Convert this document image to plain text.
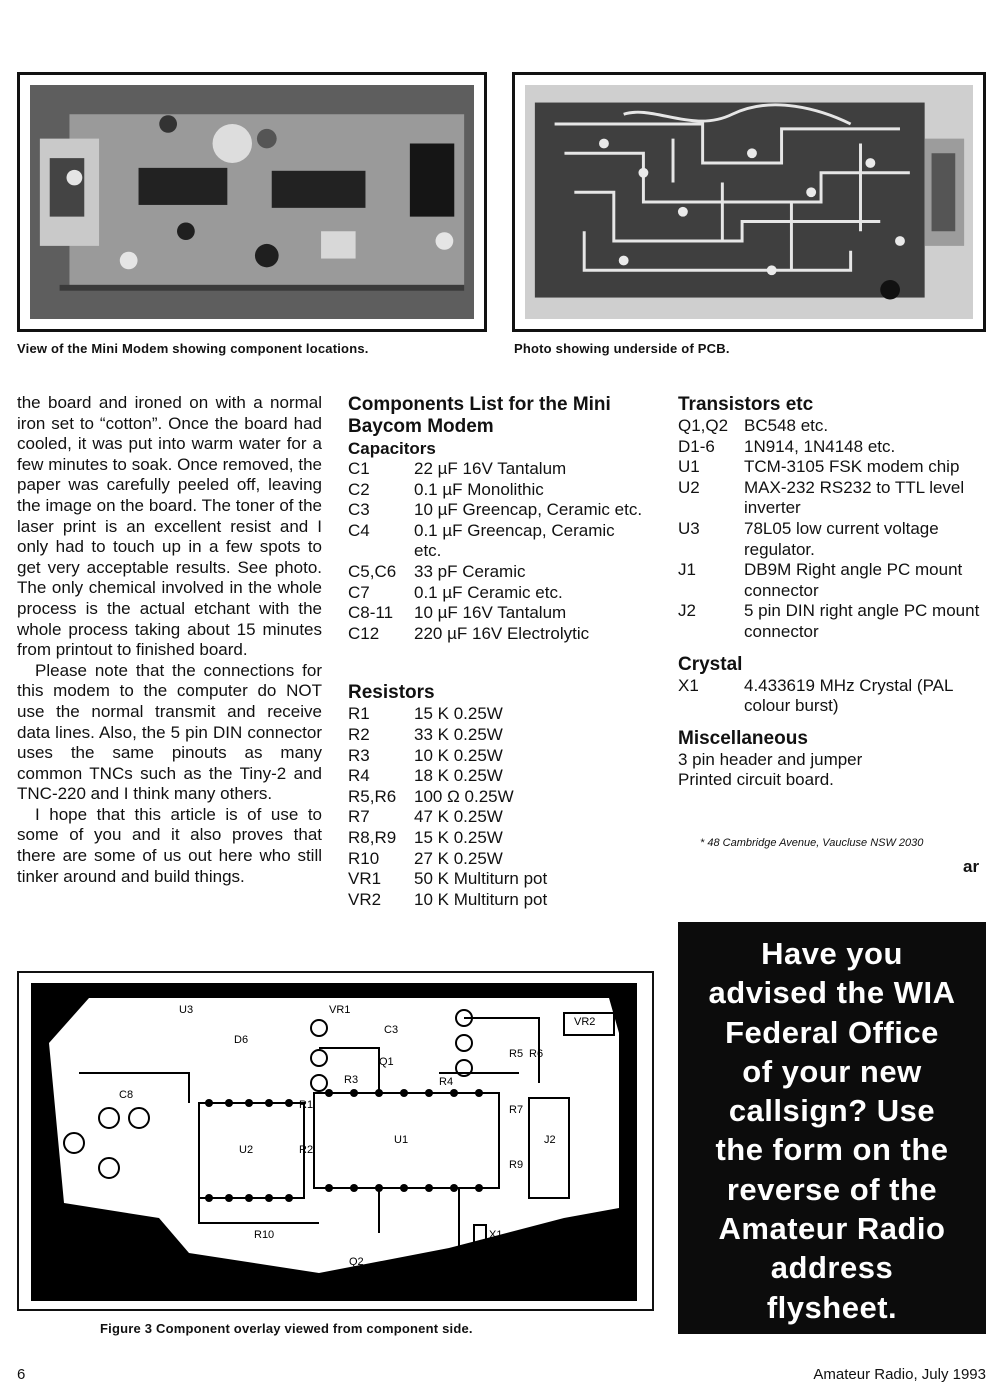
View of the Mini Modem showing component locations.	Photo showing underside of PCB.

the board and ironed on with a normal iron set to “cotton”. Once the board had cooled, it was put into warm water for a few minutes to soak. Once removed, the paper was carefully peeled off, leaving the image on the board. The toner of the laser print is an excellent resist and I only had to touch up in a few spots to get very acceptable results. See photo. The only chemical involved in the whole process is the actual etchant with the whole process taking about 15 minutes from printout to finished board.

Please note that the connections for this modem to the computer do NOT use the normal transmit and receive data lines. Also, the 5 pin DIN connector uses the same pinouts as many common TNCs such as the Tiny-2 and TNC-220 and I think many others.

I hope that this article is of use to some of you and it also proves that there are some of us out here who still tinker around and build things.

Components List for the Mini Baycom Modem
Capacitors
C1	22 µF 16V Tantalum
C2	0.1 µF Monolithic
C3	10 µF Greencap, Ceramic etc.
C4	0.1 µF Greencap, Ceramic etc.
C5,C6	33 pF Ceramic
C7	0.1 µF Ceramic etc.
C8-11	10 µF 16V Tantalum
C12	220 µF 16V Electrolytic
Resistors
R1	15 K 0.25W
R2	33 K 0.25W
R3	10 K 0.25W
R4	18 K 0.25W
R5,R6	100 Ω 0.25W
R7	47 K 0.25W
R8,R9	15 K 0.25W
R10	27 K 0.25W
VR1	50 K Multiturn pot
VR2	10 K Multiturn pot
Transistors etc
Q1,Q2	BC548 etc.
D1-6	1N914, 1N4148 etc.
U1	TCM-3105 FSK modem chip
U2	MAX-232 RS232 to TTL level inverter
U3	78L05 low current voltage regulator.
J1	DB9M Right angle PC mount connector
J2	5 pin DIN right angle PC mount connector
Crystal
X1	4.433619 MHz Crystal (PAL colour burst)
Miscellaneous
3 pin header and jumper
Printed circuit board.
* 48 Cambridge Avenue, Vaucluse NSW 2030
ar
U2
U1
U3
Q1
Q2
VR1
VR2
J2
X1
C3
C8
R1
R2
R3	R4
R5 R6
R7
R9
R10
D6
Figure 3 Component overlay viewed from component side.
Have you
advised the WIA
Federal Office
of your new
callsign? Use
the form on the
reverse of the
Amateur Radio
address
flysheet.
6	Amateur Radio, July 1993
